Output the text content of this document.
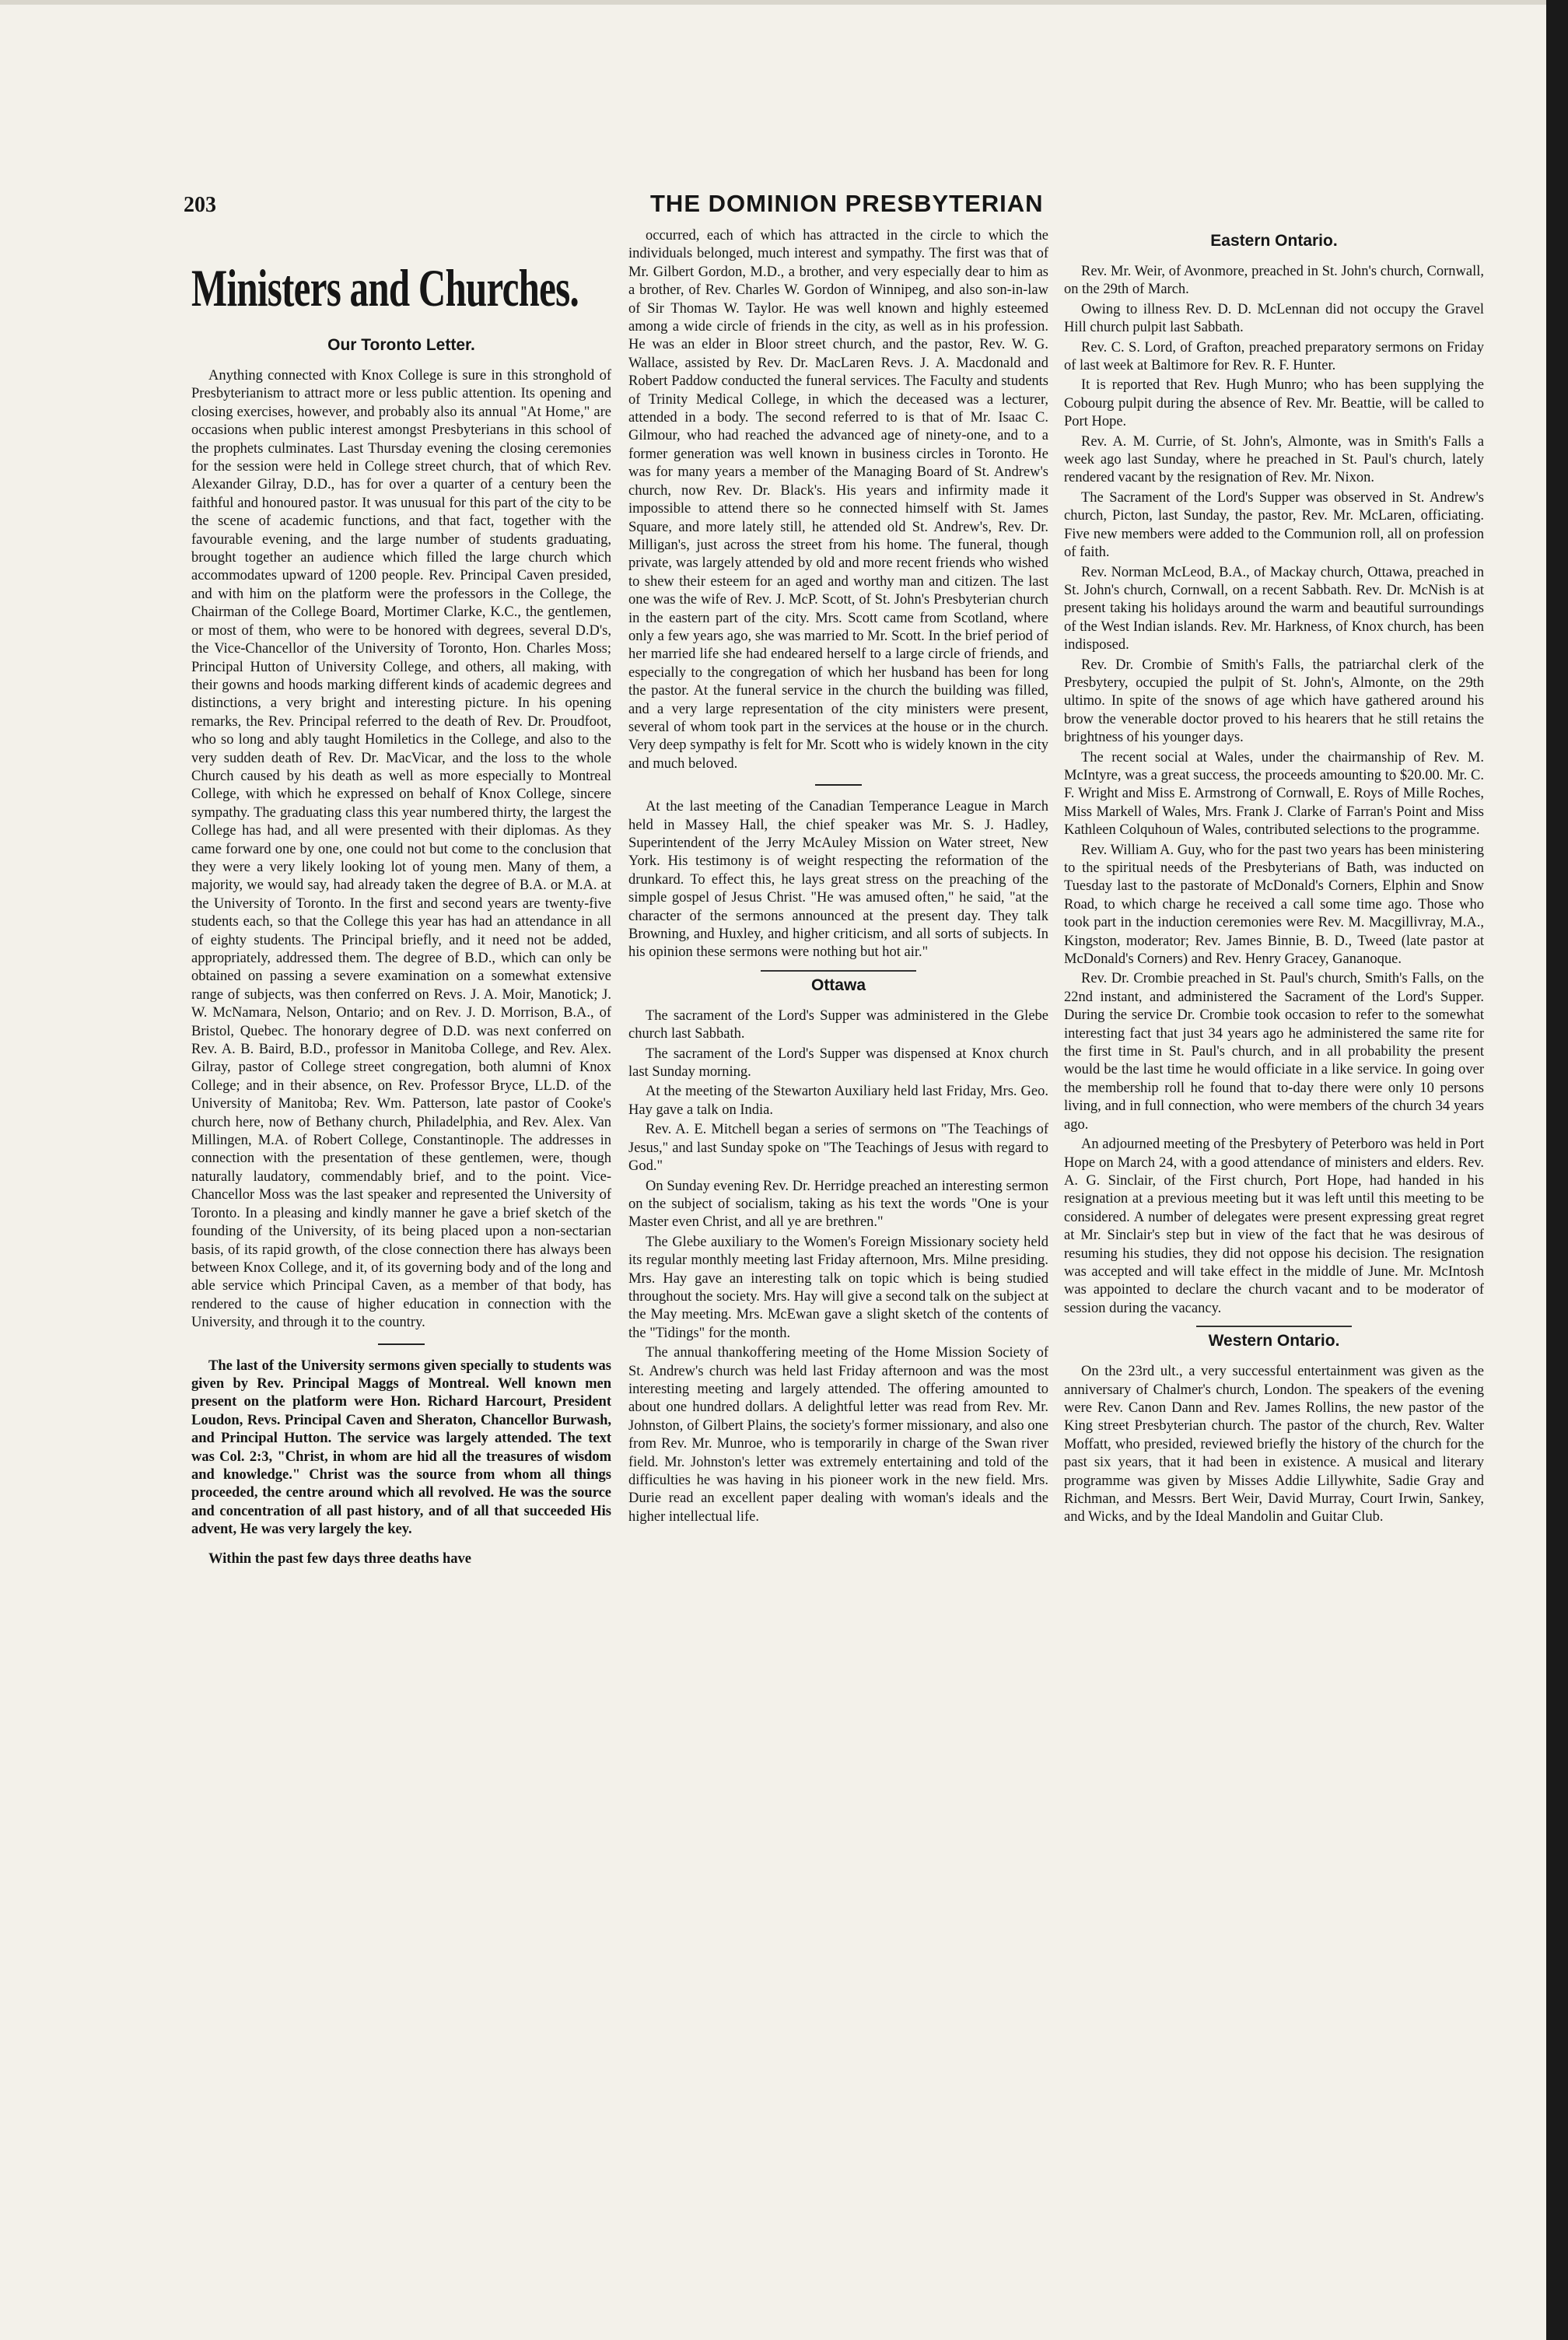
203	THE DOMINION PRESBYTERIAN
Ministers and Churches.
Our Toronto Letter.

Anything connected with Knox College is sure in this stronghold of Presbyterianism to attract more or less public attention. Its opening and closing exercises, however, and probably also its annual "At Home," are occasions when public interest amongst Presbyterians in this school of the prophets culminates. Last Thursday evening the closing ceremonies for the session were held in College street church, that of which Rev. Alexander Gilray, D.D., has for over a quarter of a century been the faithful and honoured pastor. It was unusual for this part of the city to be the scene of academic functions, and that fact, together with the favourable evening, and the large number of students graduating, brought together an audience which filled the large church which accommodates upward of 1200 people. Rev. Principal Caven presided, and with him on the platform were the professors in the College, the Chairman of the College Board, Mortimer Clarke, K.C., the gentlemen, or most of them, who were to be honored with degrees, several D.D's, the Vice-Chancellor of the University of Toronto, Hon. Charles Moss; Principal Hutton of University College, and others, all making, with their gowns and hoods marking different kinds of academic degrees and distinctions, a very bright and interesting picture. In his opening remarks, the Rev. Principal referred to the death of Rev. Dr. Proudfoot, who so long and ably taught Homiletics in the College, and also to the very sudden death of Rev. Dr. MacVicar, and the loss to the whole Church caused by his death as well as more especially to Montreal College, with which he expressed on behalf of Knox College, sincere sympathy. The graduating class this year numbered thirty, the largest the College has had, and all were presented with their diplomas. As they came forward one by one, one could not but come to the conclusion that they were a very likely looking lot of young men. Many of them, a majority, we would say, had already taken the degree of B.A. or M.A. at the University of Toronto. In the first and second years are twenty-five students each, so that the College this year has had an attendance in all of eighty students. The Principal briefly, and it need not be added, appropriately, addressed them. The degree of B.D., which can only be obtained on passing a severe examination on a somewhat extensive range of subjects, was then conferred on Revs. J. A. Moir, Manotick; J. W. McNamara, Nelson, Ontario; and on Rev. J. D. Morrison, B.A., of Bristol, Quebec. The honorary degree of D.D. was next conferred on Rev. A. B. Baird, B.D., professor in Manitoba College, and Rev. Alex. Gilray, pastor of College street congregation, both alumni of Knox College; and in their absence, on Rev. Professor Bryce, LL.D. of the University of Manitoba; Rev. Wm. Patterson, late pastor of Cooke's church here, now of Bethany church, Philadelphia, and Rev. Alex. Van Millingen, M.A. of Robert College, Constantinople. The addresses in connection with the presentation of these gentlemen, were, though naturally laudatory, commendably brief, and to the point. Vice-Chancellor Moss was the last speaker and represented the University of Toronto. In a pleasing and kindly manner he gave a brief sketch of the founding of the University, of its being placed upon a non-sectarian basis, of its rapid growth, of the close connection there has always been between Knox College, and it, of its governing body and of the long and able service which Principal Caven, as a member of that body, has rendered to the cause of higher education in connection with the University, and through it to the country.

The last of the University sermons given specially to students was given by Rev. Principal Maggs of Montreal. Well known men present on the platform were Hon. Richard Harcourt, President Loudon, Revs. Principal Caven and Sheraton, Chancellor Burwash, and Principal Hutton. The service was largely attended. The text was Col. 2:3, "Christ, in whom are hid all the treasures of wisdom and knowledge." Christ was the source from whom all things proceeded, the centre around which all revolved. He was the source and concentration of all past history, and of all that succeeded His advent, He was very largely the key.

Within the past few days three deaths have

occurred, each of which has attracted in the circle to which the individuals belonged, much interest and sympathy. The first was that of Mr. Gilbert Gordon, M.D., a brother, and very especially dear to him as a brother, of Rev. Charles W. Gordon of Winnipeg, and also son-in-law of Sir Thomas W. Taylor. He was well known and highly esteemed among a wide circle of friends in the city, as well as in his profession. He was an elder in Bloor street church, and the pastor, Rev. W. G. Wallace, assisted by Rev. Dr. MacLaren Revs. J. A. Macdonald and Robert Paddow conducted the funeral services. The Faculty and students of Trinity Medical College, in which the deceased was a lecturer, attended in a body. The second referred to is that of Mr. Isaac C. Gilmour, who had reached the advanced age of ninety-one, and to a former generation was well known in business circles in Toronto. He was for many years a member of the Managing Board of St. Andrew's church, now Rev. Dr. Black's. His years and infirmity made it impossible to attend there so he connected himself with St. James Square, and more lately still, he attended old St. Andrew's, Rev. Dr. Milligan's, just across the street from his home. The funeral, though private, was largely attended by old and more recent friends who wished to shew their esteem for an aged and worthy man and citizen. The last one was the wife of Rev. J. McP. Scott, of St. John's Presbyterian church in the eastern part of the city. Mrs. Scott came from Scotland, where only a few years ago, she was married to Mr. Scott. In the brief period of her married life she had endeared herself to a large circle of friends, and especially to the congregation of which her husband has been for long the pastor. At the funeral service in the church the building was filled, and a very large representation of the city ministers were present, several of whom took part in the services at the house or in the church. Very deep sympathy is felt for Mr. Scott who is widely known in the city and much beloved.

At the last meeting of the Canadian Temperance League in March held in Massey Hall, the chief speaker was Mr. S. J. Hadley, Superintendent of the Jerry McAuley Mission on Water street, New York. His testimony is of weight respecting the reformation of the drunkard. To effect this, he lays great stress on the preaching of the simple gospel of Jesus Christ. "He was amused often," he said, "at the character of the sermons announced at the present day. They talk Browning, and Huxley, and higher criticism, and all sorts of subjects. In his opinion these sermons were nothing but hot air."

Ottawa

The sacrament of the Lord's Supper was administered in the Glebe church last Sabbath.

The sacrament of the Lord's Supper was dispensed at Knox church last Sunday morning.

At the meeting of the Stewarton Auxiliary held last Friday, Mrs. Geo. Hay gave a talk on India.

Rev. A. E. Mitchell began a series of sermons on "The Teachings of Jesus," and last Sunday spoke on "The Teachings of Jesus with regard to God."

On Sunday evening Rev. Dr. Herridge preached an interesting sermon on the subject of socialism, taking as his text the words "One is your Master even Christ, and all ye are brethren."

The Glebe auxiliary to the Women's Foreign Missionary society held its regular monthly meeting last Friday afternoon, Mrs. Milne presiding. Mrs. Hay gave an interesting talk on topic which is being studied throughout the society. Mrs. Hay will give a second talk on the subject at the May meeting. Mrs. McEwan gave a slight sketch of the contents of the "Tidings" for the month.

The annual thankoffering meeting of the Home Mission Society of St. Andrew's church was held last Friday afternoon and was the most interesting meeting and largely attended. The offering amounted to about one hundred dollars. A delightful letter was read from Rev. Mr. Johnston, of Gilbert Plains, the society's former missionary, and also one from Rev. Mr. Munroe, who is temporarily in charge of the Swan river field. Mr. Johnston's letter was extremely entertaining and told of the difficulties he was having in his pioneer work in the new field. Mrs. Durie read an excellent paper dealing with woman's ideals and the higher intellectual life.

Eastern Ontario.

Rev. Mr. Weir, of Avonmore, preached in St. John's church, Cornwall, on the 29th of March.

Owing to illness Rev. D. D. McLennan did not occupy the Gravel Hill church pulpit last Sabbath.

Rev. C. S. Lord, of Grafton, preached preparatory sermons on Friday of last week at Baltimore for Rev. R. F. Hunter.

It is reported that Rev. Hugh Munro; who has been supplying the Cobourg pulpit during the absence of Rev. Mr. Beattie, will be called to Port Hope.

Rev. A. M. Currie, of St. John's, Almonte, was in Smith's Falls a week ago last Sunday, where he preached in St. Paul's church, lately rendered vacant by the resignation of Rev. Mr. Nixon.

The Sacrament of the Lord's Supper was observed in St. Andrew's church, Picton, last Sunday, the pastor, Rev. Mr. McLaren, officiating. Five new members were added to the Communion roll, all on profession of faith.

Rev. Norman McLeod, B.A., of Mackay church, Ottawa, preached in St. John's church, Cornwall, on a recent Sabbath. Rev. Dr. McNish is at present taking his holidays around the warm and beautiful surroundings of the West Indian islands. Rev. Mr. Harkness, of Knox church, has been indisposed.

Rev. Dr. Crombie of Smith's Falls, the patriarchal clerk of the Presbytery, occupied the pulpit of St. John's, Almonte, on the 29th ultimo. In spite of the snows of age which have gathered around his brow the venerable doctor proved to his hearers that he still retains the brightness of his younger days.

The recent social at Wales, under the chairmanship of Rev. M. McIntyre, was a great success, the proceeds amounting to $20.00. Mr. C. F. Wright and Miss E. Armstrong of Cornwall, E. Roys of Mille Roches, Miss Markell of Wales, Mrs. Frank J. Clarke of Farran's Point and Miss Kathleen Colquhoun of Wales, contributed selections to the programme.

Rev. William A. Guy, who for the past two years has been ministering to the spiritual needs of the Presbyterians of Bath, was inducted on Tuesday last to the pastorate of McDonald's Corners, Elphin and Snow Road, to which charge he received a call some time ago. Those who took part in the induction ceremonies were Rev. M. Macgillivray, M.A., Kingston, moderator; Rev. James Binnie, B. D., Tweed (late pastor at McDonald's Corners) and Rev. Henry Gracey, Gananoque.

Rev. Dr. Crombie preached in St. Paul's church, Smith's Falls, on the 22nd instant, and administered the Sacrament of the Lord's Supper. During the service Dr. Crombie took occasion to refer to the somewhat interesting fact that just 34 years ago he administered the same rite for the first time in St. Paul's church, and in all probability the present would be the last time he would officiate in a like service. In going over the membership roll he found that to-day there were only 10 persons living, and in full connection, who were members of the church 34 years ago.

An adjourned meeting of the Presbytery of Peterboro was held in Port Hope on March 24, with a good attendance of ministers and elders. Rev. A. G. Sinclair, of the First church, Port Hope, had handed in his resignation at a previous meeting but it was left until this meeting to be considered. A number of delegates were present expressing great regret at Mr. Sinclair's step but in view of the fact that he was desirous of resuming his studies, they did not oppose his decision. The resignation was accepted and will take effect in the middle of June. Mr. McIntosh was appointed to declare the church vacant and to be moderator of session during the vacancy.

Western Ontario.

On the 23rd ult., a very successful entertainment was given as the anniversary of Chalmer's church, London. The speakers of the evening were Rev. Canon Dann and Rev. James Rollins, the new pastor of the King street Presbyterian church. The pastor of the church, Rev. Walter Moffatt, who presided, reviewed briefly the history of the church for the past six years, that it had been in existence. A musical and literary programme was given by Misses Addie Lillywhite, Sadie Gray and Richman, and Messrs. Bert Weir, David Murray, Court Irwin, Sankey, and Wicks, and by the Ideal Mandolin and Guitar Club.
